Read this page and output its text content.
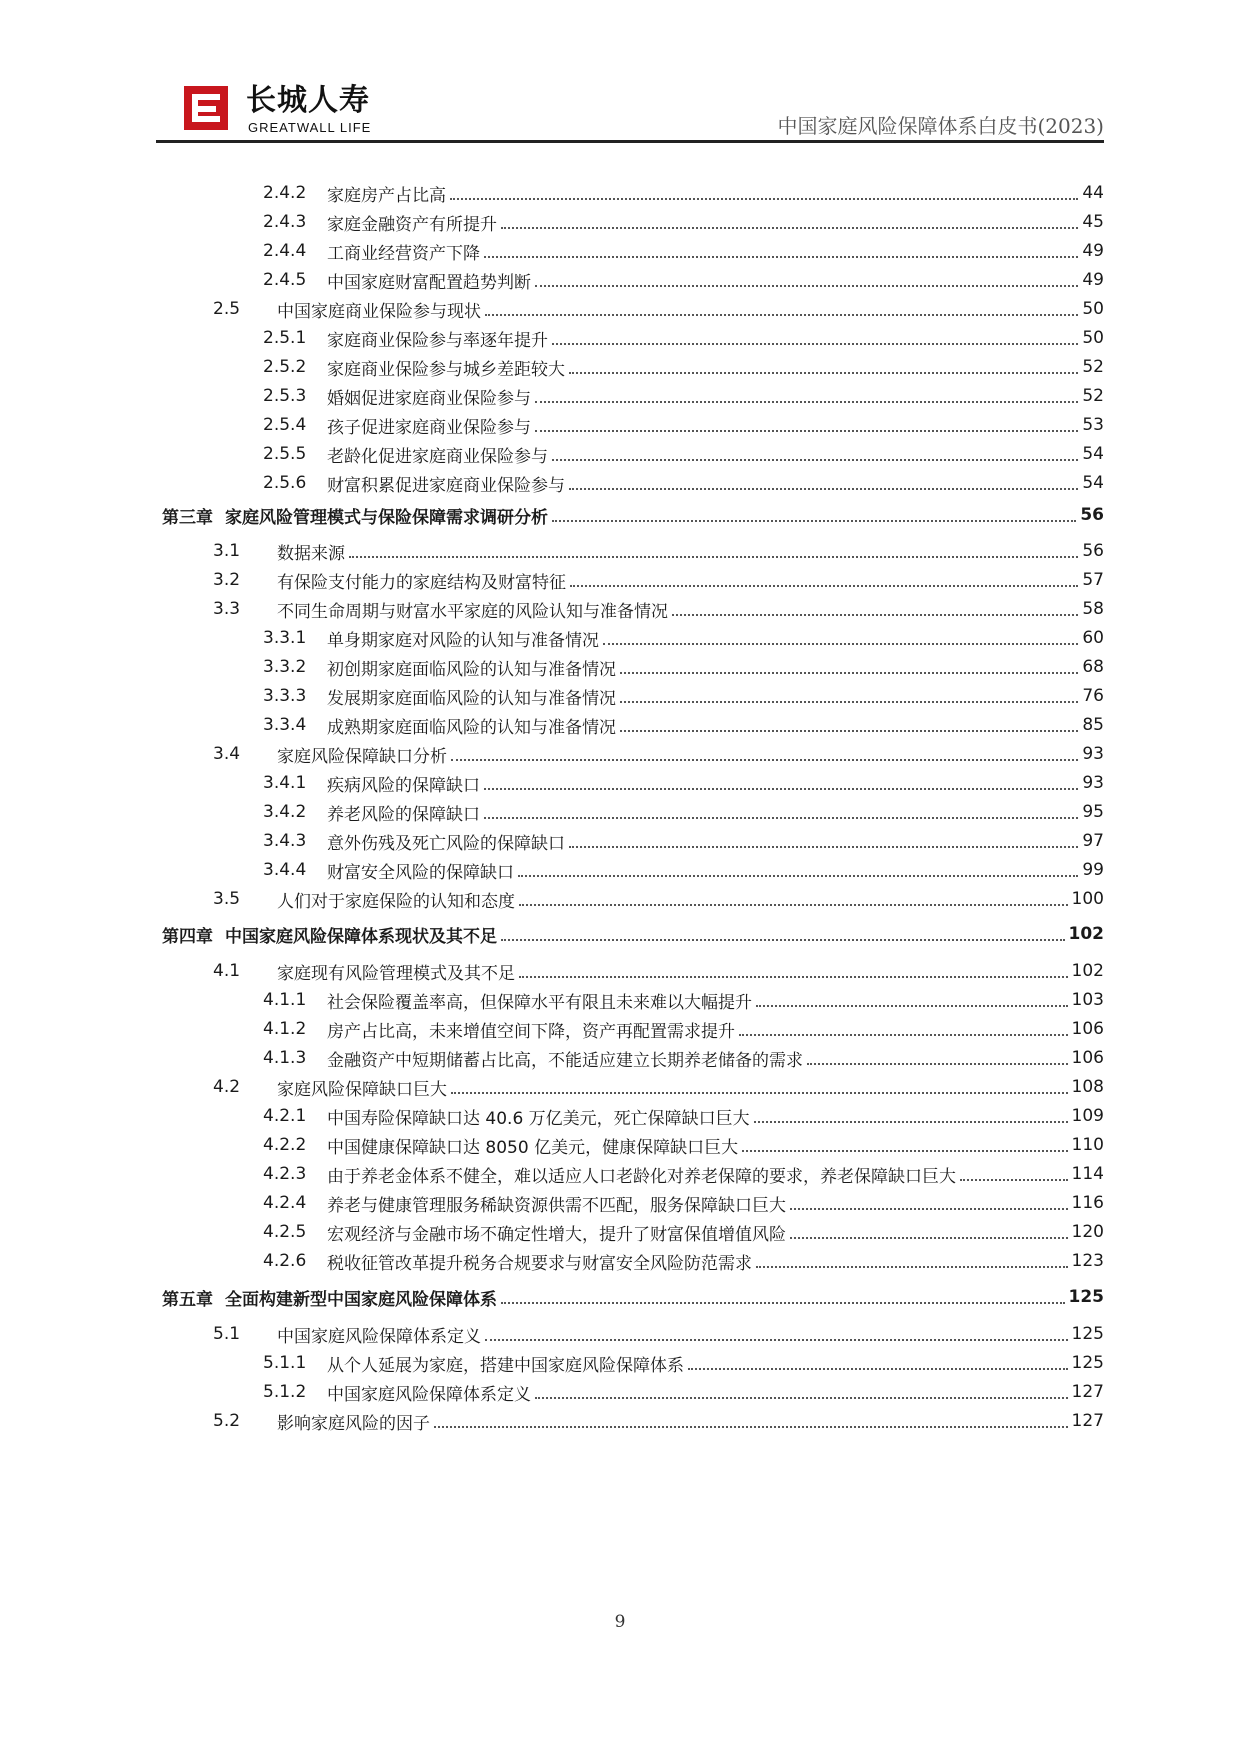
长城人寿
GREATWALL LIFE	中国家庭风险保障体系白皮书(2023)
2.4.2	家庭房产占比高	44
2.4.3	家庭金融资产有所提升	45
2.4.4	工商业经营资产下降	49
2.4.5	中国家庭财富配置趋势判断	49
2.5	中国家庭商业保险参与现状	50
2.5.1	家庭商业保险参与率逐年提升	50
2.5.2	家庭商业保险参与城乡差距较大	52
2.5.3	婚姻促进家庭商业保险参与	52
2.5.4	孩子促进家庭商业保险参与	53
2.5.5	老龄化促进家庭商业保险参与	54
2.5.6	财富积累促进家庭商业保险参与	54
第三章 家庭风险管理模式与保险保障需求调研分析	56
3.1	数据来源	56
3.2	有保险支付能力的家庭结构及财富特征	57
3.3	不同生命周期与财富水平家庭的风险认知与准备情况	58
3.3.1	单身期家庭对风险的认知与准备情况	60
3.3.2	初创期家庭面临风险的认知与准备情况	68
3.3.3	发展期家庭面临风险的认知与准备情况	76
3.3.4	成熟期家庭面临风险的认知与准备情况	85
3.4	家庭风险保障缺口分析	93
3.4.1	疾病风险的保障缺口	93
3.4.2	养老风险的保障缺口	95
3.4.3	意外伤残及死亡风险的保障缺口	97
3.4.4	财富安全风险的保障缺口	99
3.5	人们对于家庭保险的认知和态度	100
第四章 中国家庭风险保障体系现状及其不足	102
4.1	家庭现有风险管理模式及其不足	102
4.1.1	社会保险覆盖率高，但保障水平有限且未来难以大幅提升	103
4.1.2	房产占比高，未来增值空间下降，资产再配置需求提升	106
4.1.3	金融资产中短期储蓄占比高，不能适应建立长期养老储备的需求	106
4.2	家庭风险保障缺口巨大	108
4.2.1	中国寿险保障缺口达 40.6 万亿美元，死亡保障缺口巨大	109
4.2.2	中国健康保障缺口达 8050 亿美元，健康保障缺口巨大	110
4.2.3	由于养老金体系不健全，难以适应人口老龄化对养老保障的要求，养老保障缺口巨大	114
4.2.4	养老与健康管理服务稀缺资源供需不匹配，服务保障缺口巨大	116
4.2.5	宏观经济与金融市场不确定性增大，提升了财富保值增值风险	120
4.2.6	税收征管改革提升税务合规要求与财富安全风险防范需求	123
第五章 全面构建新型中国家庭风险保障体系	125
5.1	中国家庭风险保障体系定义	125
5.1.1	从个人延展为家庭，搭建中国家庭风险保障体系	125
5.1.2	中国家庭风险保障体系定义	127
5.2	影响家庭风险的因子	127
9
